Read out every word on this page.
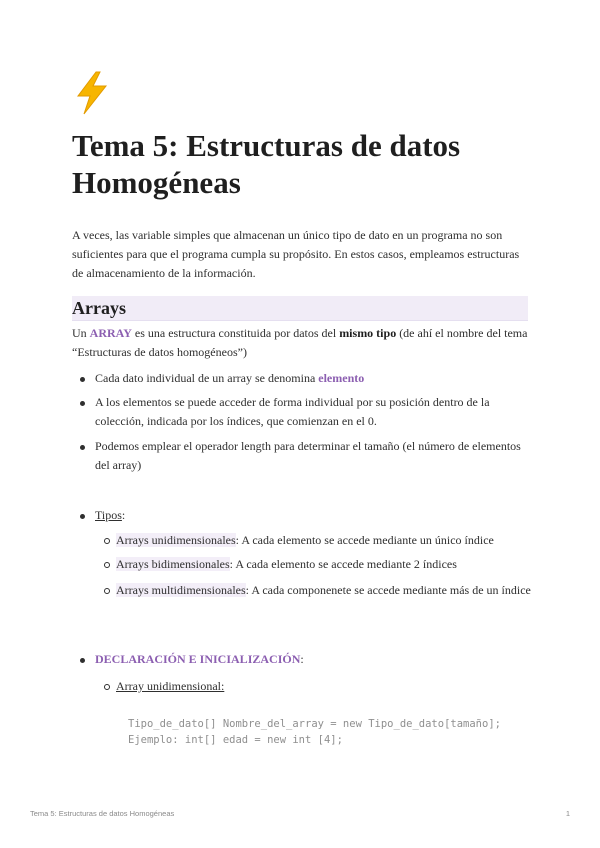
Tema 5: Estructuras de datos Homogéneas

A veces, las variable simples que almacenan un único tipo de dato en un programa no son suficientes para que el programa cumpla su propósito. En estos casos, empleamos estructuras de almacenamiento de la información.

Arrays

Un ARRAY es una estructura constituida por datos del mismo tipo (de ahí el nombre del tema “Estructuras de datos homogéneos”)

Cada dato individual de un array se denomina elemento

A los elementos se puede acceder de forma individual por su posición dentro de la colección, indicada por los índices, que comienzan en el 0.

Podemos emplear el operador length para determinar el tamaño (el número de elementos del array)

Tipos:

Arrays unidimensionales: A cada elemento se accede mediante un único índice

Arrays bidimensionales: A cada elemento se accede mediante 2 índices

Arrays multidimensionales: A cada componenete se accede mediante más de un índice

DECLARACIÓN E INICIALIZACIÓN:

Array unidimensional:

Tipo_de_dato[] Nombre_del_array = new Tipo_de_dato[tamaño];
Ejemplo: int[] edad = new int [4];
Tema 5: Estructuras de datos Homogéneas	1
